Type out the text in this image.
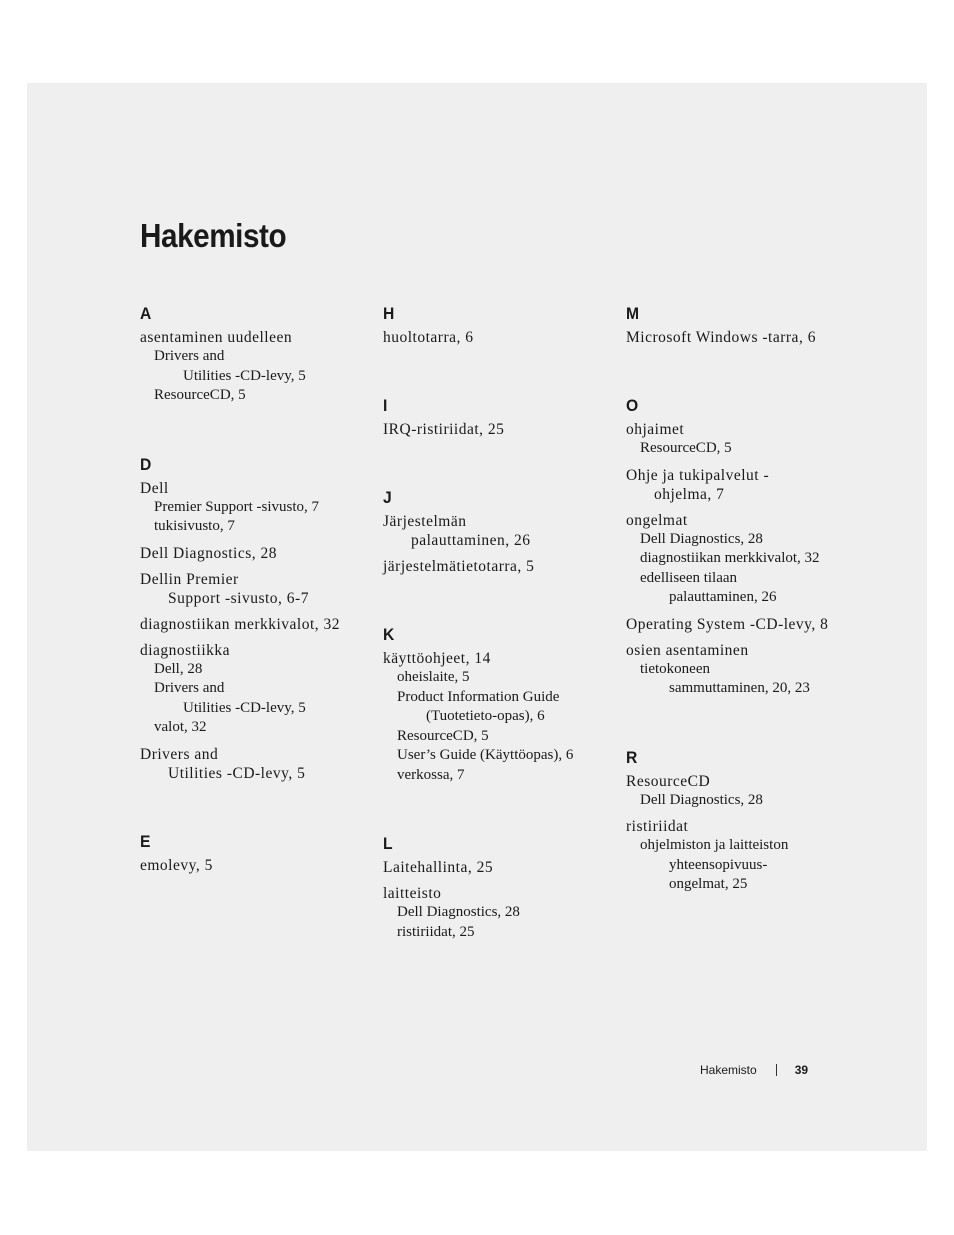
Hakemisto
A
asentaminen uudelleen
Drivers and
Utilities -CD-levy, 5
ResourceCD, 5
D
Dell
Premier Support -sivusto, 7
tukisivusto, 7
Dell Diagnostics, 28
Dellin Premier
Support -sivusto, 6-7
diagnostiikan merkkivalot, 32
diagnostiikka
Dell, 28
Drivers and
Utilities -CD-levy, 5
valot, 32
Drivers and
Utilities -CD-levy, 5
E
emolevy, 5
H
huoltotarra, 6
I
IRQ-ristiriidat, 25
J
Järjestelmän
palauttaminen, 26
järjestelmätietotarra, 5
K
käyttöohjeet, 14
oheislaite, 5
Product Information Guide
(Tuotetieto-opas), 6
ResourceCD, 5
User’s Guide (Käyttöopas), 6
verkossa, 7
L
Laitehallinta, 25
laitteisto
Dell Diagnostics, 28
ristiriidat, 25
M
Microsoft Windows -tarra, 6
O
ohjaimet
ResourceCD, 5
Ohje ja tukipalvelut -
ohjelma, 7
ongelmat
Dell Diagnostics, 28
diagnostiikan merkkivalot, 32
edelliseen tilaan
palauttaminen, 26
Operating System -CD-levy, 8
osien asentaminen
tietokoneen
sammuttaminen, 20, 23
R
ResourceCD
Dell Diagnostics, 28
ristiriidat
ohjelmiston ja laitteiston
yhteensopivuus-
ongelmat, 25
Hakemisto	39
